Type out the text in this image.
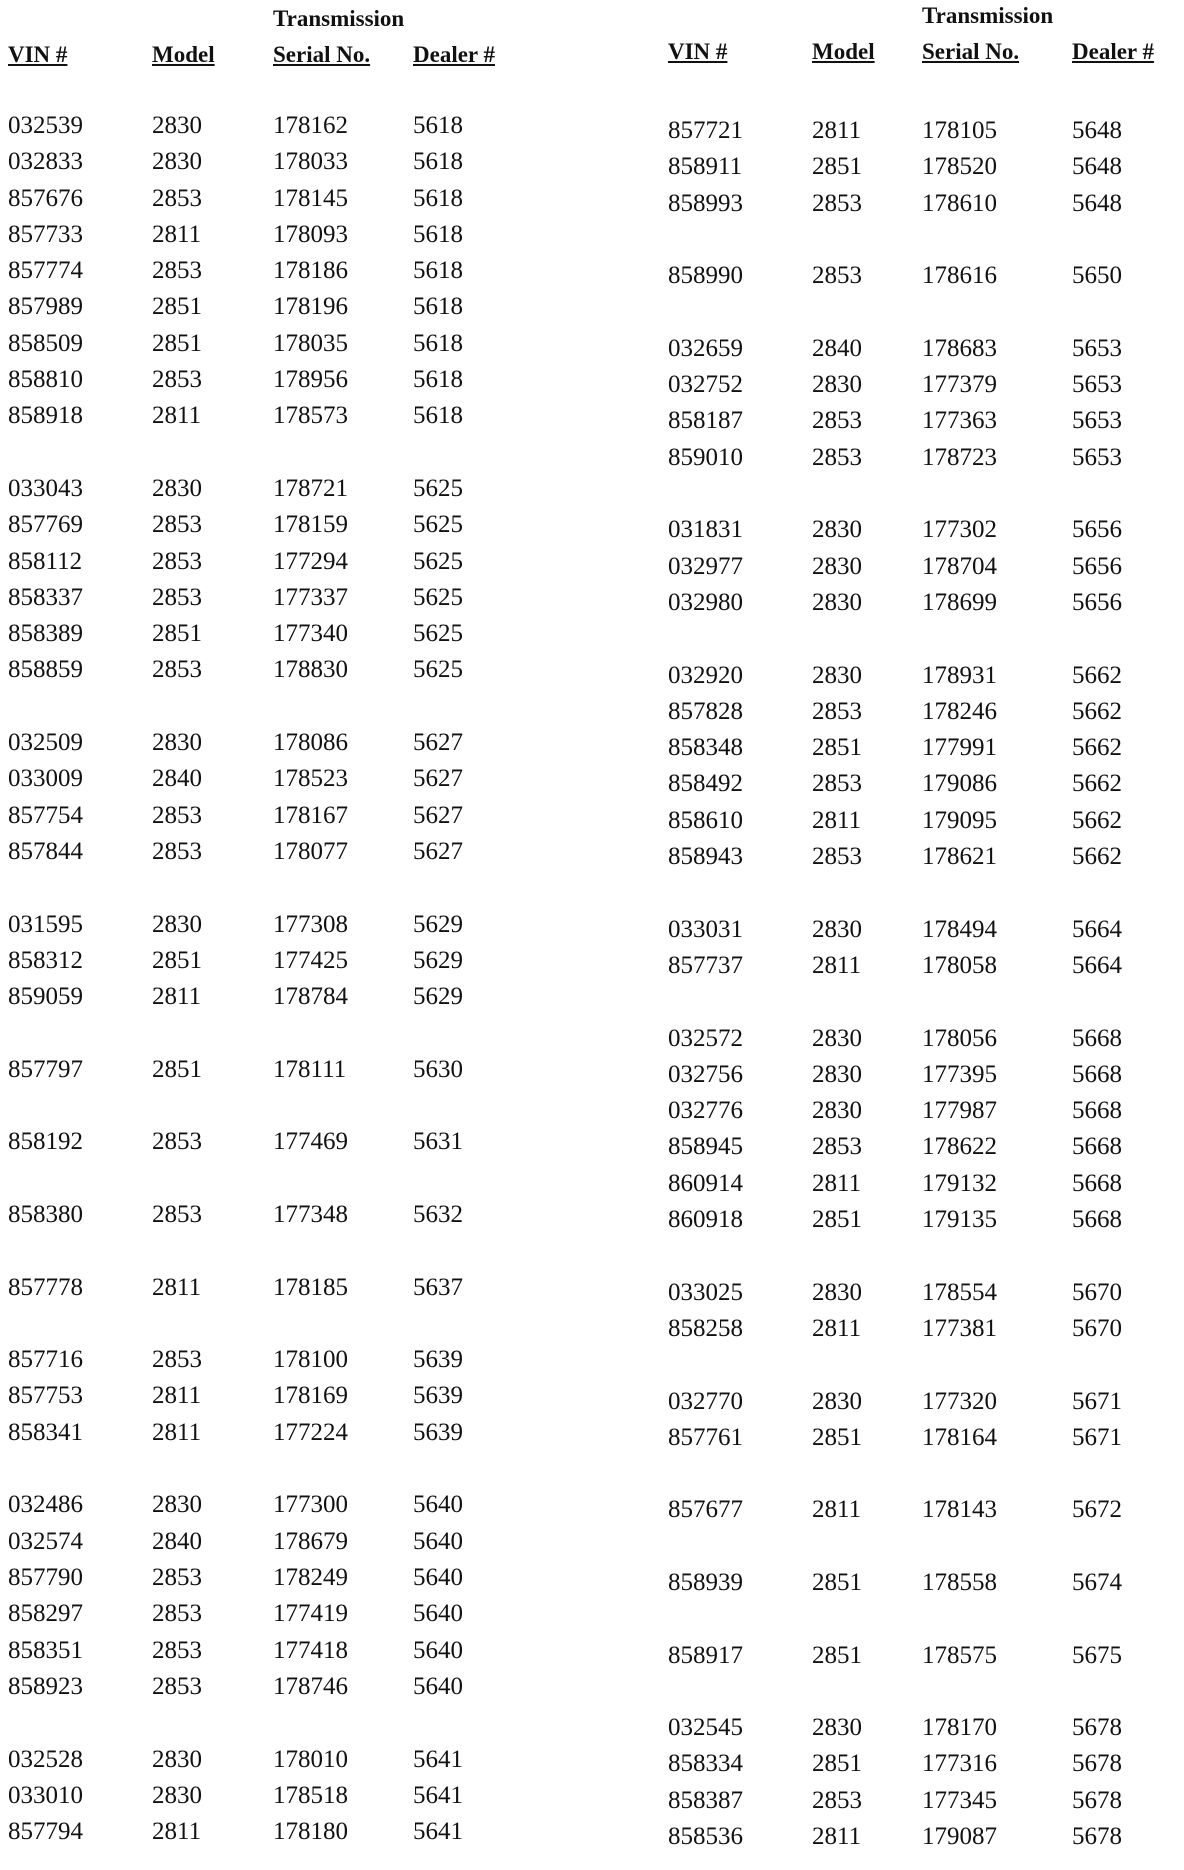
Transmission
VIN #	Model	Serial No. Dealer #
032539	2830	178162	5618
032833	2830	178033	5618
857676	2853	178145	5618
857733	2811	178093	5618
857774	2853	178186	5618
857989	2851	178196	5618
858509	2851	178035	5618
858810	2853	178956	5618
858918	2811	178573	5618
033043	2830	178721	5625
857769	2853	178159	5625
858112	2853	177294	5625
858337	2853	177337	5625
858389	2851	177340	5625
858859	2853	178830	5625
032509	2830	178086	5627
033009	2840	178523	5627
857754	2853	178167	5627
857844	2853	178077	5627
031595	2830	177308	5629
858312	2851	177425	5629
859059	2811	178784	5629
857797	2851	178111	5630
858192	2853	177469	5631
858380	2853	177348	5632
857778	2811	178185	5637
857716	2853	178100	5639
857753	2811	178169	5639
858341	2811	177224	5639
032486	2830	177300	5640
032574	2840	178679	5640
857790	2853	178249	5640
858297	2853	177419	5640
858351	2853	177418	5640
858923	2853	178746	5640
032528	2830	178010	5641
033010	2830	178518	5641
857794	2811	178180	5641
Transmission
VIN #	Model Serial No. Dealer #
857721	2811 178105	5648
858911	2851 178520	5648
858993	2853 178610	5648
858990	2853 178616	5650
032659	2840 178683	5653
032752	2830 177379	5653
858187	2853 177363	5653
859010	2853 178723	5653
031831	2830 177302	5656
032977	2830 178704	5656
032980	2830 178699	5656
032920	2830 178931	5662
857828	2853 178246	5662
858348	2851 177991	5662
858492	2853 179086	5662
858610	2811 179095	5662
858943	2853 178621	5662
033031	2830 178494	5664
857737	2811 178058	5664
032572	2830 178056	5668
032756	2830 177395	5668
032776	2830 177987	5668
858945	2853 178622	5668
860914	2811 179132	5668
860918	2851 179135	5668
033025	2830 178554	5670
858258	2811 177381	5670
032770	2830 177320	5671
857761	2851 178164	5671
857677	2811 178143	5672
858939	2851 178558	5674
858917	2851 178575	5675
032545	2830 178170	5678
858334	2851 177316	5678
858387	2853 177345	5678
858536	2811 179087	5678
